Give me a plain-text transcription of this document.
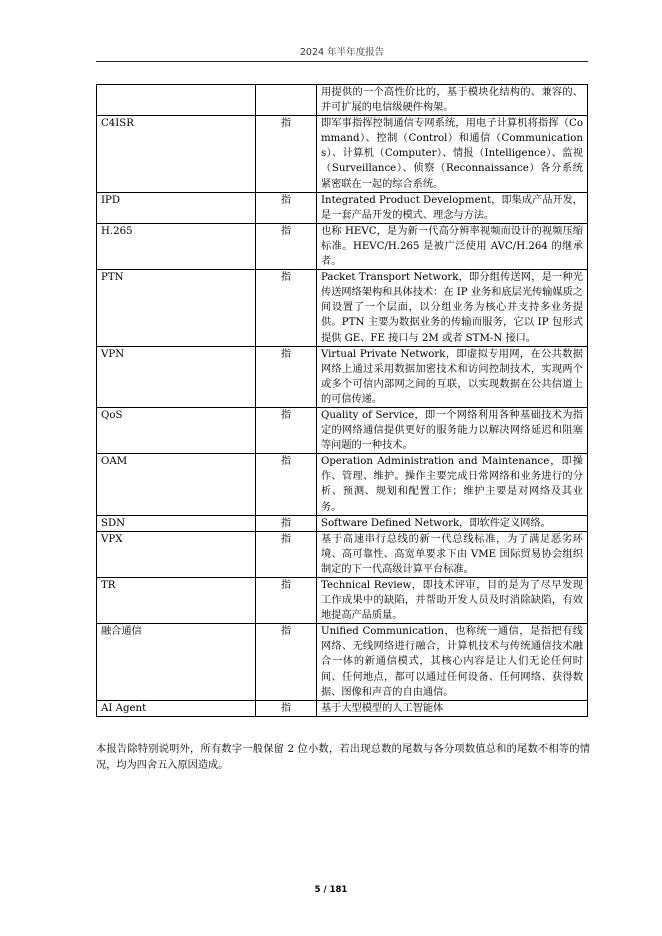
2024 年半年度报告
		用提供的一个高性价比的，基于模块化结构的、兼容的、并可扩展的电信级硬件构架。
C4ISR	指	即军事指挥控制通信专网系统，用电子计算机将指挥（Command）、控制（Control）和通信（Communications）、计算机（Computer）、情报（Intelligence）、监视（Surveillance）、侦察（Reconnaissance）各分系统紧密联在一起的综合系统。
IPD	指	Integrated Product Development，即集成产品开发，是一套产品开发的模式、理念与方法。
H.265	指	也称 HEVC，是为新一代高分辨率视频而设计的视频压缩标准。HEVC/H.265 是被广泛使用 AVC/H.264 的继承者。
PTN	指	Packet Transport Network，即分组传送网，是一种光传送网络架构和具体技术：在 IP 业务和底层光传输媒质之间设置了一个层面，以分组业务为核心并支持多业务提供。PTN 主要为数据业务的传输而服务，它以 IP 包形式提供 GE、FE 接口与 2M 或者 STM-N 接口。
VPN	指	Virtual Private Network，即虚拟专用网，在公共数据网络上通过采用数据加密技术和访问控制技术，实现两个或多个可信内部网之间的互联，以实现数据在公共信道上的可信传递。
QoS	指	Quality of Service，即一个网络利用各种基础技术为指定的网络通信提供更好的服务能力以解决网络延迟和阻塞等问题的一种技术。
OAM	指	Operation Administration and Maintenance，即操作、管理、维护。操作主要完成日常网络和业务进行的分析、预测、规划和配置工作；维护主要是对网络及其业务。
SDN	指	Software Defined Network，即软件定义网络。
VPX	指	基于高速串行总线的新一代总线标准，为了满足恶劣环境、高可靠性、高宽单要求下由 VME 国际贸易协会组织制定的下一代高级计算平台标准。
TR	指	Technical Review，即技术评审，目的是为了尽早发现工作成果中的缺陷，并帮助开发人员及时消除缺陷，有效地提高产品质量。
融合通信	指	Unified Communication，也称统一通信，是指把有线网络、无线网络进行融合，计算机技术与传统通信技术融合一体的新通信模式，其核心内容是让人们无论任何时间、任何地点，都可以通过任何设备、任何网络、获得数据、图像和声音的自由通信。
AI Agent	指	基于大型模型的人工智能体
本报告除特别说明外，所有数字一般保留 2 位小数，若出现总数的尾数与各分项数值总和的尾数不相等的情况，均为四舍五入原因造成。
5 / 181
